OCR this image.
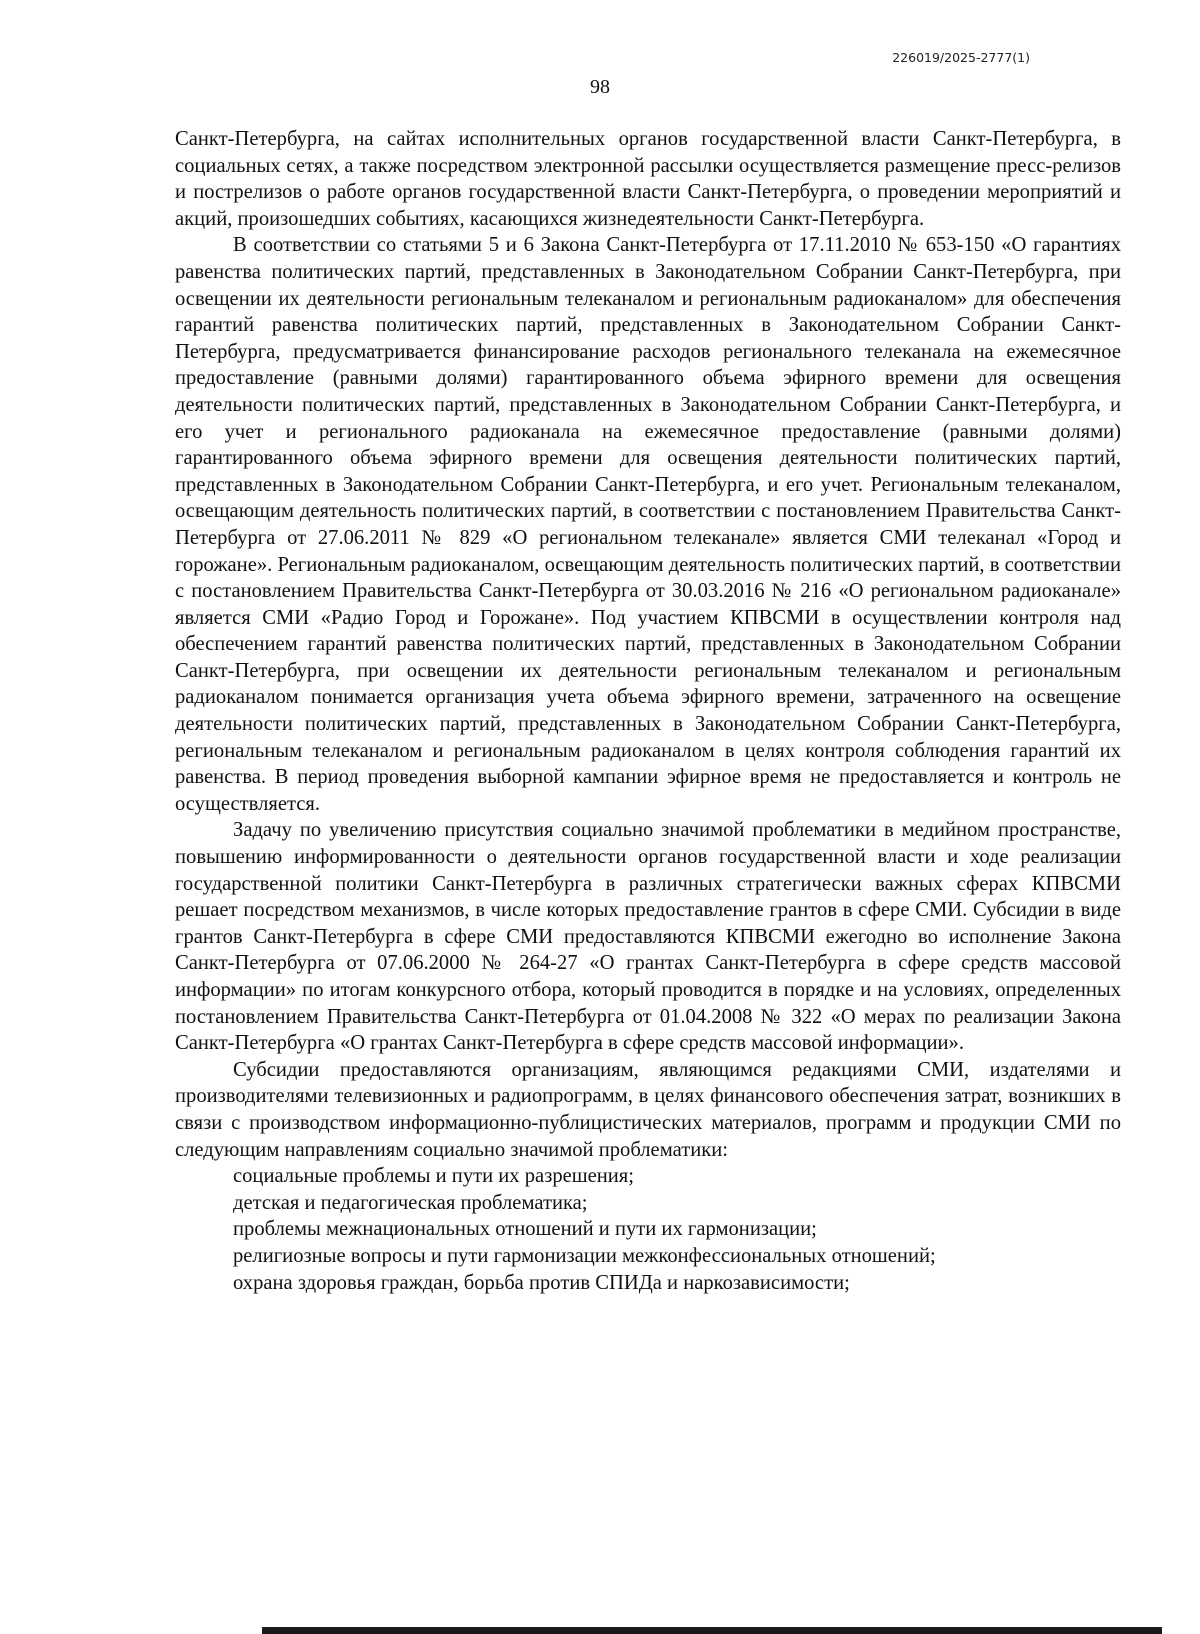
226019/2025-2777(1)
98

Санкт-Петербурга, на сайтах исполнительных органов государственной власти Санкт-Петербурга, в социальных сетях, а также посредством электронной рассылки осуществляется размещение пресс-релизов и пострелизов о работе органов государственной власти Санкт-Петербурга, о проведении мероприятий и акций, произошедших событиях, касающихся жизнедеятельности Санкт-Петербурга.

В соответствии со статьями 5 и 6 Закона Санкт-Петербурга от 17.11.2010 № 653-150 «О гарантиях равенства политических партий, представленных в Законодательном Собрании Санкт-Петербурга, при освещении их деятельности региональным телеканалом и региональным радиоканалом» для обеспечения гарантий равенства политических партий, представленных в Законодательном Собрании Санкт-Петербурга, предусматривается финансирование расходов регионального телеканала на ежемесячное предоставление (равными долями) гарантированного объема эфирного времени для освещения деятельности политических партий, представленных в Законодательном Собрании Санкт-Петербурга, и его учет и регионального радиоканала на ежемесячное предоставление (равными долями) гарантированного объема эфирного времени для освещения деятельности политических партий, представленных в Законодательном Собрании Санкт-Петербурга, и его учет. Региональным телеканалом, освещающим деятельность политических партий, в соответствии с постановлением Правительства Санкт-Петербурга от 27.06.2011 № 829 «О региональном телеканале» является СМИ телеканал «Город и горожане». Региональным радиоканалом, освещающим деятельность политических партий, в соответствии с постановлением Правительства Санкт-Петербурга от 30.03.2016 № 216 «О региональном радиоканале» является СМИ «Радио Город и Горожане». Под участием КПВСМИ в осуществлении контроля над обеспечением гарантий равенства политических партий, представленных в Законодательном Собрании Санкт-Петербурга, при освещении их деятельности региональным телеканалом и региональным радиоканалом понимается организация учета объема эфирного времени, затраченного на освещение деятельности политических партий, представленных в Законодательном Собрании Санкт-Петербурга, региональным телеканалом и региональным радиоканалом в целях контроля соблюдения гарантий их равенства. В период проведения выборной кампании эфирное время не предоставляется и контроль не осуществляется.

Задачу по увеличению присутствия социально значимой проблематики в медийном пространстве, повышению информированности о деятельности органов государственной власти и ходе реализации государственной политики Санкт-Петербурга в различных стратегически важных сферах КПВСМИ решает посредством механизмов, в числе которых предоставление грантов в сфере СМИ. Субсидии в виде грантов Санкт-Петербурга в сфере СМИ предоставляются КПВСМИ ежегодно во исполнение Закона Санкт-Петербурга от 07.06.2000 № 264-27 «О грантах Санкт-Петербурга в сфере средств массовой информации» по итогам конкурсного отбора, который проводится в порядке и на условиях, определенных постановлением Правительства Санкт-Петербурга от 01.04.2008 № 322 «О мерах по реализации Закона Санкт-Петербурга «О грантах Санкт-Петербурга в сфере средств массовой информации».

Субсидии предоставляются организациям, являющимся редакциями СМИ, издателями и производителями телевизионных и радиопрограмм, в целях финансового обеспечения затрат, возникших в связи с производством информационно-публицистических материалов, программ и продукции СМИ по следующим направлениям социально значимой проблематики:

социальные проблемы и пути их разрешения;
детская и педагогическая проблематика;
проблемы межнациональных отношений и пути их гармонизации;
религиозные вопросы и пути гармонизации межконфессиональных отношений;
охрана здоровья граждан, борьба против СПИДа и наркозависимости;
